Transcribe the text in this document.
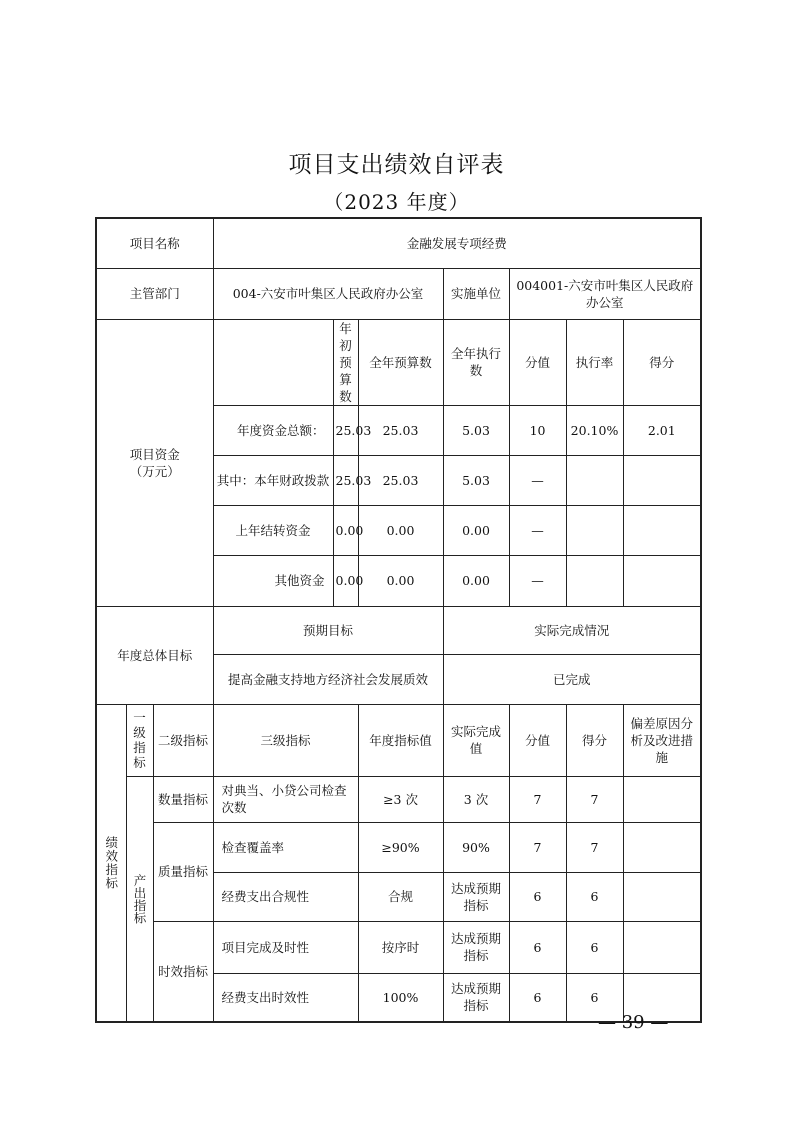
项目支出绩效自评表
（2023 年度）
项目名称			金融发展专项经费						
主管部门			004-六安市叶集区人民政府办公室			实施单位	004001-六安市叶集区人民政府办公室		

项目资金
（万元）				年初预算数	全年预算数	全年执行数	分值	执行率	得分
			年度资金总额：	25.03	25.03	5.03	10	20.10%	2.01
			其中：本年财政拨款	25.03	25.03	5.03	—		
			上年结转资金	0.00	0.00	0.00	—		
			其他资金	0.00	0.00	0.00	—		
年度总体目标			预期目标			实际完成情况			
			提高金融支持地方经济社会发展质效			已完成			
绩效指标	一级指标	二级指标	三级指标		年度指标值	实际完成值	分值	得分	偏差原因分析及改进措施
	产出指标	数量指标	对典当、小贷公司检查次数		≥3 次	3 次	7	7	
		质量指标	检查覆盖率		≥90%	90%	7	7	
			经费支出合规性		合规	达成预期指标	6	6	
		时效指标	项目完成及时性		按序时	达成预期指标	6	6	
			经费支出时效性		100%	达成预期指标	6	6	
— 39 —
